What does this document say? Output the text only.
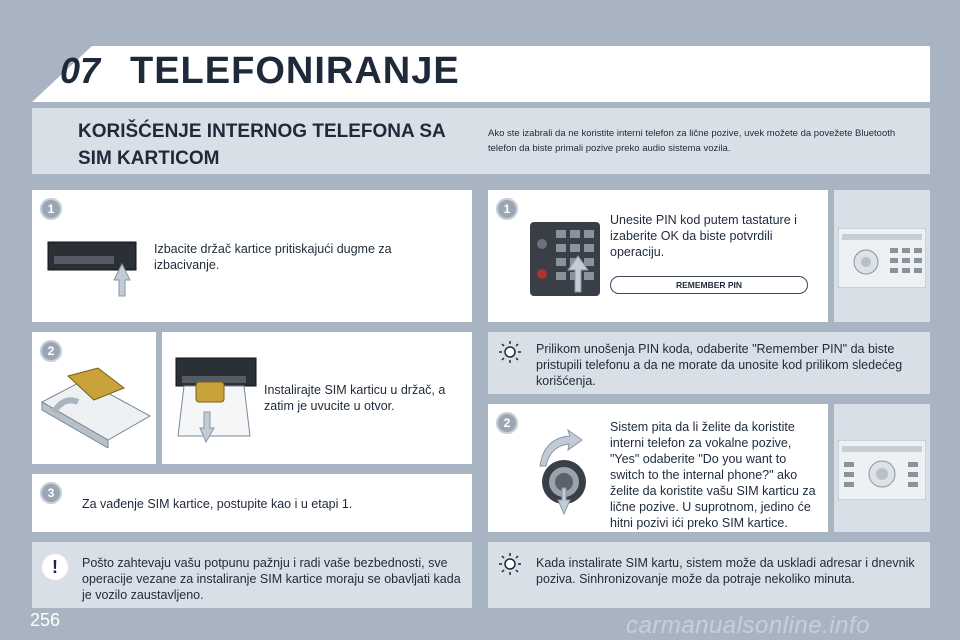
07 TELEFONIRANJE
KORIŠĆENJE INTERNOG TELEFONA SA SIM KARTICOM
Ako ste izabrali da ne koristite interni telefon za lične pozive, uvek možete da povežete Bluetooth telefon da biste primali pozive preko audio sistema vozila.
1
Izbacite držač kartice pritiskajući dugme za izbacivanje.
2
Instalirajte SIM karticu u držač, a zatim je uvucite u otvor.
3
Za vađenje SIM kartice, postupite kao i u etapi 1.
!	Pošto zahtevaju vašu potpunu pažnju i radi vaše bezbednosti, sve operacije vezane za instaliranje SIM kartice moraju se obavljati kada je vozilo zaustavljeno.
1
Unesite PIN kod putem tastature i izaberite OK da biste potvrdili operaciju.
REMEMBER PIN
Prilikom unošenja PIN koda, odaberite "Remember PIN" da biste pristupili telefonu a da ne morate da unosite kod prilikom sledećeg korišćenja.
2	Sistem pita da li želite da koristite interni telefon za vokalne pozive, "Yes" odaberite "Do you want to switch to the internal phone?" ako želite da koristite vašu SIM karticu za lične pozive. U suprotnom, jedino će hitni pozivi ići preko SIM kartice.
Kada instalirate SIM kartu, sistem može da uskladi adresar i dnevnik poziva. Sinhronizovanje može da potraje nekoliko minuta.
256	carmanualsonline.info
